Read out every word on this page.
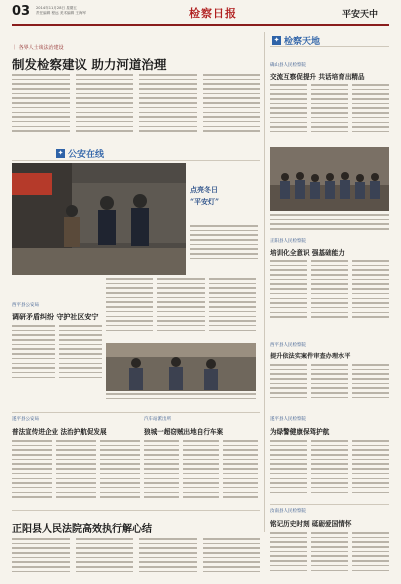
03 2014年11月28日 星期五
责任编辑 程远 美术编辑 王海军	检察日报	平安天中
｜ 各界人士谈法治建设
制发检察建议 助力河道治理
✦ 检察天地
确山县人民检察院
交流互察促提升 共话培育出精品
✦ 公安在线
点亮冬日
“平安灯”
正阳县人民检察院
培训化全意识 强基础能力
西平县公安局
调研矛盾纠纷 守护社区安宁
西平县人民检察院
提升依法实案件审查办理水平
遂平县公安局
普法宣传进企业 法治护航促发展
汽车站派出所
狼城一超窃贼出地自行车案
遂平县人民检察院
为绿警健康保驾护航
汝南县人民检察院
铭记历史时刻 砥砺爱国情怀
正阳县人民法院高效执行解心结
